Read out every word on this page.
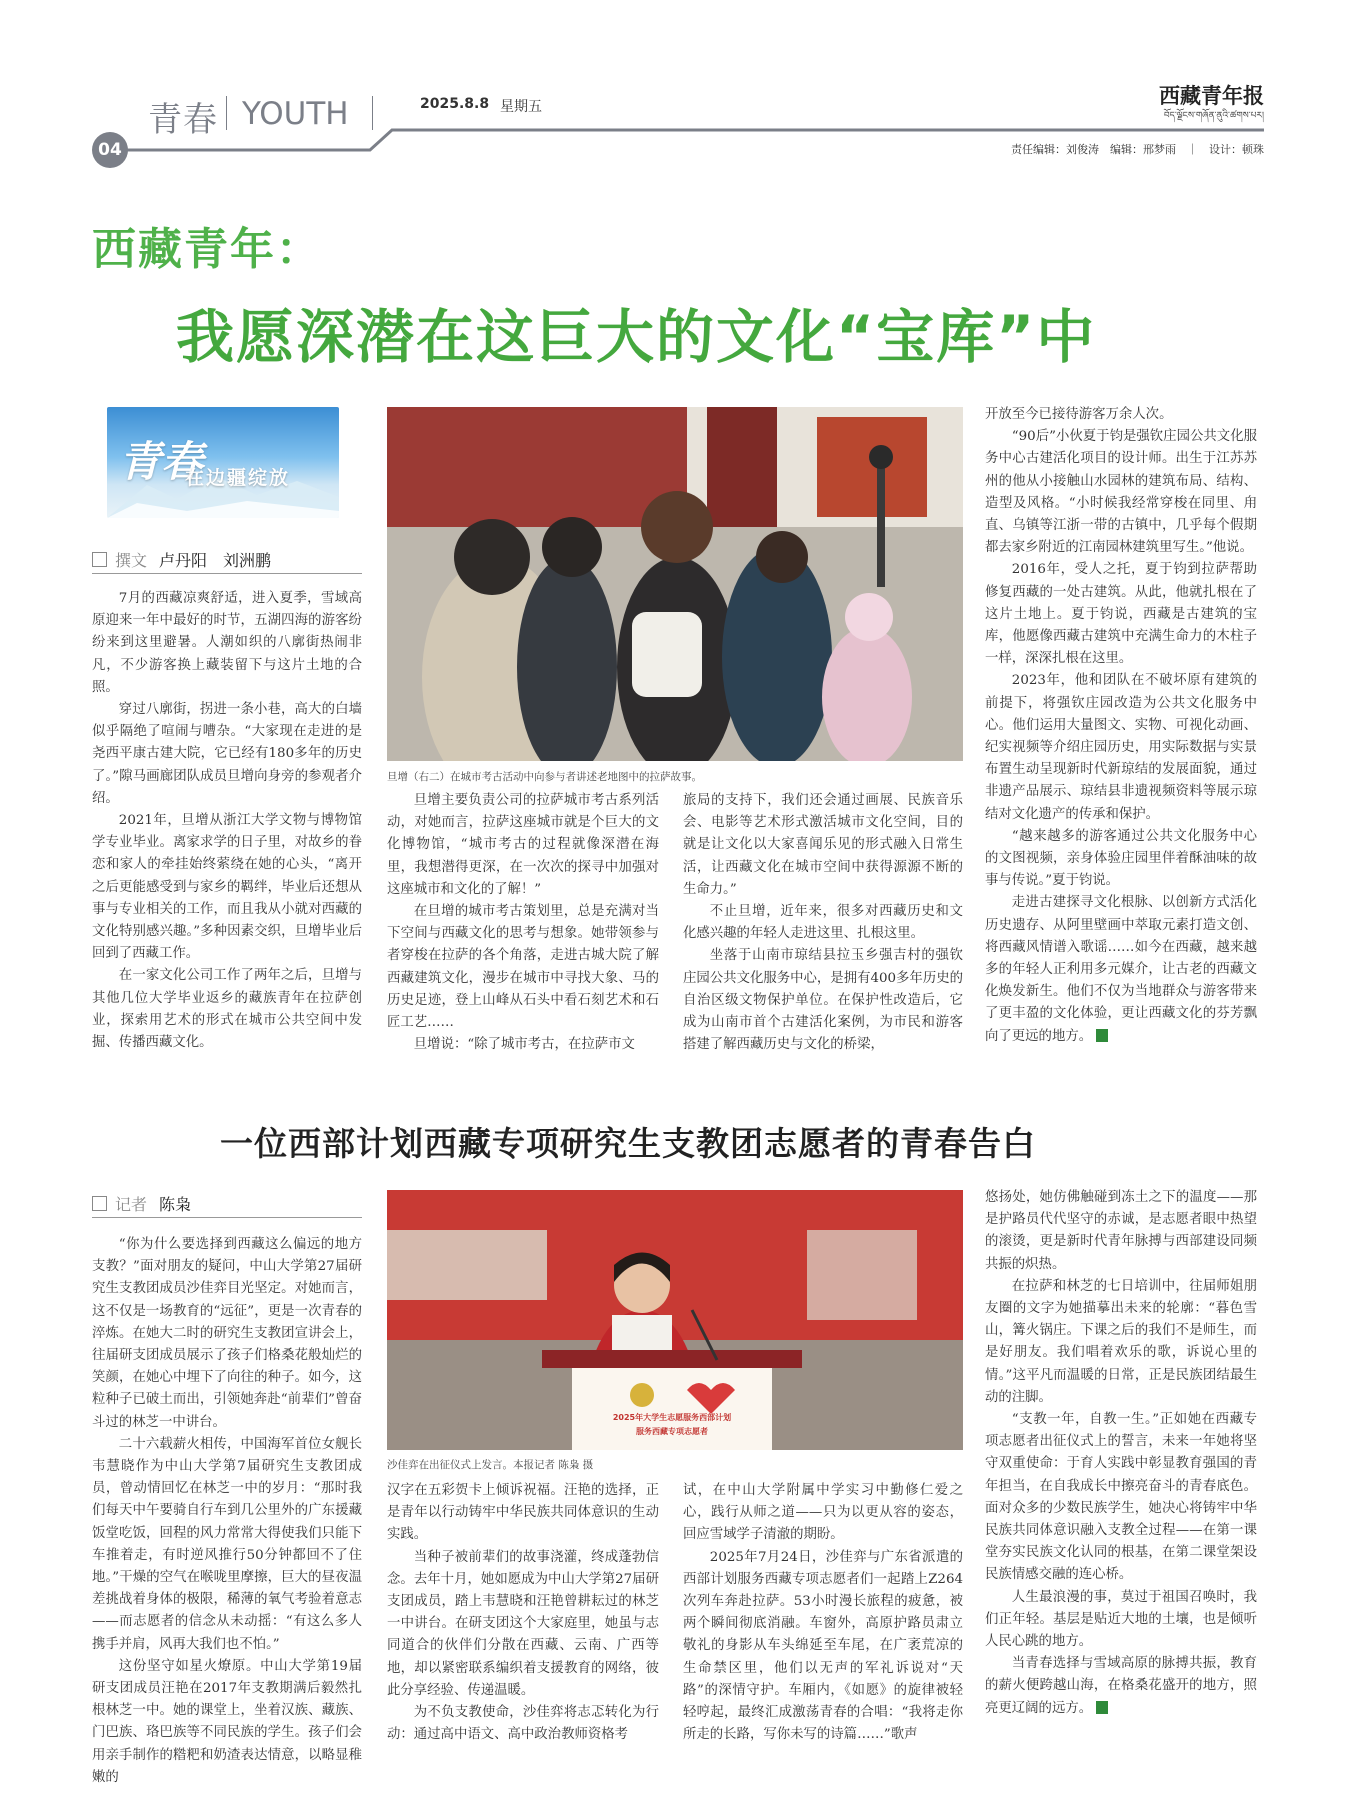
青春 YOUTH	2025.8.8 星期五	西藏青年报
བོད་ལྗོངས་གཞོན་ནུའི་ཚགས་པར།
04	责任编辑：刘俊涛　编辑：邢梦雨　｜　设计：顿珠
西藏青年：
我愿深潜在这巨大的文化“宝库”中
青春
在边疆绽放
撰文 卢丹阳　刘洲鹏

7月的西藏凉爽舒适，进入夏季，雪域高原迎来一年中最好的时节，五湖四海的游客纷纷来到这里避暑。人潮如织的八廓街热闹非凡，不少游客换上藏装留下与这片土地的合照。

穿过八廓街，拐进一条小巷，高大的白墙似乎隔绝了喧闹与嘈杂。“大家现在走进的是尧西平康古建大院，它已经有180多年的历史了。”隙马画廊团队成员旦增向身旁的参观者介绍。

2021年，旦增从浙江大学文物与博物馆学专业毕业。离家求学的日子里，对故乡的眷恋和家人的牵挂始终萦绕在她的心头，“离开之后更能感受到与家乡的羁绊，毕业后还想从事与专业相关的工作，而且我从小就对西藏的文化特别感兴趣。”多种因素交织，旦增毕业后回到了西藏工作。

在一家文化公司工作了两年之后，旦增与其他几位大学毕业返乡的藏族青年在拉萨创业，探索用艺术的形式在城市公共空间中发掘、传播西藏文化。

旦增（右二）在城市考古活动中向参与者讲述老地图中的拉萨故事。

旦增主要负责公司的拉萨城市考古系列活动，对她而言，拉萨这座城市就是个巨大的文化博物馆，“城市考古的过程就像深潜在海里，我想潜得更深，在一次次的探寻中加强对这座城市和文化的了解！”

在旦增的城市考古策划里，总是充满对当下空间与西藏文化的思考与想象。她带领参与者穿梭在拉萨的各个角落，走进古城大院了解西藏建筑文化，漫步在城市中寻找大象、马的历史足迹，登上山峰从石头中看石刻艺术和石匠工艺……

旦增说：“除了城市考古，在拉萨市文

旅局的支持下，我们还会通过画展、民族音乐会、电影等艺术形式激活城市文化空间，目的就是让文化以大家喜闻乐见的形式融入日常生活，让西藏文化在城市空间中获得源源不断的生命力。”

不止旦增，近年来，很多对西藏历史和文化感兴趣的年轻人走进这里、扎根这里。

坐落于山南市琼结县拉玉乡强吉村的强钦庄园公共文化服务中心，是拥有400多年历史的自治区级文物保护单位。在保护性改造后，它成为山南市首个古建活化案例，为市民和游客搭建了解西藏历史与文化的桥梁，

开放至今已接待游客万余人次。

“90后”小伙夏于钧是强钦庄园公共文化服务中心古建活化项目的设计师。出生于江苏苏州的他从小接触山水园林的建筑布局、结构、造型及风格。“小时候我经常穿梭在同里、甪直、乌镇等江浙一带的古镇中，几乎每个假期都去家乡附近的江南园林建筑里写生。”他说。

2016年，受人之托，夏于钧到拉萨帮助修复西藏的一处古建筑。从此，他就扎根在了这片土地上。夏于钧说，西藏是古建筑的宝库，他愿像西藏古建筑中充满生命力的木柱子一样，深深扎根在这里。

2023年，他和团队在不破坏原有建筑的前提下，将强钦庄园改造为公共文化服务中心。他们运用大量图文、实物、可视化动画、纪实视频等介绍庄园历史，用实际数据与实景布置生动呈现新时代新琼结的发展面貌，通过非遗产品展示、琼结县非遗视频资料等展示琼结对文化遗产的传承和保护。

“越来越多的游客通过公共文化服务中心的文图视频，亲身体验庄园里伴着酥油味的故事与传说。”夏于钧说。

走进古建探寻文化根脉、以创新方式活化历史遗存、从阿里壁画中萃取元素打造文创、将西藏风情谱入歌谣……如今在西藏，越来越多的年轻人正利用多元媒介，让古老的西藏文化焕发新生。他们不仅为当地群众与游客带来了更丰盈的文化体验，更让西藏文化的芬芳飘向了更远的地方。

一位西部计划西藏专项研究生支教团志愿者的青春告白
记者 陈枭

“你为什么要选择到西藏这么偏远的地方支教？”面对朋友的疑问，中山大学第27届研究生支教团成员沙佳弈目光坚定。对她而言，这不仅是一场教育的“远征”，更是一次青春的淬炼。在她大二时的研究生支教团宣讲会上，往届研支团成员展示了孩子们格桑花般灿烂的笑颜，在她心中埋下了向往的种子。如今，这粒种子已破土而出，引领她奔赴“前辈们”曾奋斗过的林芝一中讲台。

二十六载薪火相传，中国海军首位女舰长韦慧晓作为中山大学第7届研究生支教团成员，曾动情回忆在林芝一中的岁月：“那时我们每天中午要骑自行车到几公里外的广东援藏饭堂吃饭，回程的风力常常大得使我们只能下车推着走，有时逆风推行50分钟都回不了住地。”干燥的空气在喉咙里摩擦，巨大的昼夜温差挑战着身体的极限，稀薄的氧气考验着意志——而志愿者的信念从未动摇：“有这么多人携手并肩，风再大我们也不怕。”

这份坚守如星火燎原。中山大学第19届研支团成员汪艳在2017年支教期满后毅然扎根林芝一中。她的课堂上，坐着汉族、藏族、门巴族、珞巴族等不同民族的学生。孩子们会用亲手制作的糌粑和奶渣表达情意，以略显稚嫩的

2025年大学生志愿服务西部计划
服务西藏专项志愿者
沙佳弈在出征仪式上发言。本报记者 陈枭 摄

汉字在五彩贺卡上倾诉祝福。汪艳的选择，正是青年以行动铸牢中华民族共同体意识的生动实践。

当种子被前辈们的故事浇灌，终成蓬勃信念。去年十月，她如愿成为中山大学第27届研支团成员，踏上韦慧晓和汪艳曾耕耘过的林芝一中讲台。在研支团这个大家庭里，她虽与志同道合的伙伴们分散在西藏、云南、广西等地，却以紧密联系编织着支援教育的网络，彼此分享经验、传递温暖。

为不负支教使命，沙佳弈将志忑转化为行动：通过高中语文、高中政治教师资格考

试，在中山大学附属中学实习中勤修仁爱之心，践行从师之道——只为以更从容的姿态，回应雪域学子清澈的期盼。

2025年7月24日，沙佳弈与广东省派遣的西部计划服务西藏专项志愿者们一起踏上Z264次列车奔赴拉萨。53小时漫长旅程的疲惫，被两个瞬间彻底消融。车窗外，高原护路员肃立敬礼的身影从车头绵延至车尾，在广袤荒凉的生命禁区里，他们以无声的军礼诉说对“天路”的深情守护。车厢内，《如愿》的旋律被轻轻哼起，最终汇成激荡青春的合唱：“我将走你所走的长路，写你未写的诗篇……”歌声

悠扬处，她仿佛触碰到冻土之下的温度——那是护路员代代坚守的赤诚，是志愿者眼中热望的滚烫，更是新时代青年脉搏与西部建设同频共振的炽热。

在拉萨和林芝的七日培训中，往届师姐朋友圈的文字为她描摹出未来的轮廓：“暮色雪山，篝火锅庄。下课之后的我们不是师生，而是好朋友。我们唱着欢乐的歌，诉说心里的情。”这平凡而温暖的日常，正是民族团结最生动的注脚。

“支教一年，自教一生。”正如她在西藏专项志愿者出征仪式上的誓言，未来一年她将坚守双重使命：于育人实践中彰显教育强国的青年担当，在自我成长中擦亮奋斗的青春底色。面对众多的少数民族学生，她决心将铸牢中华民族共同体意识融入支教全过程——在第一课堂夯实民族文化认同的根基，在第二课堂架设民族情感交融的连心桥。

人生最浪漫的事，莫过于祖国召唤时，我们正年轻。基层是贴近大地的土壤，也是倾听人民心跳的地方。

当青春选择与雪域高原的脉搏共振，教育的薪火便跨越山海，在格桑花盛开的地方，照亮更辽阔的远方。
